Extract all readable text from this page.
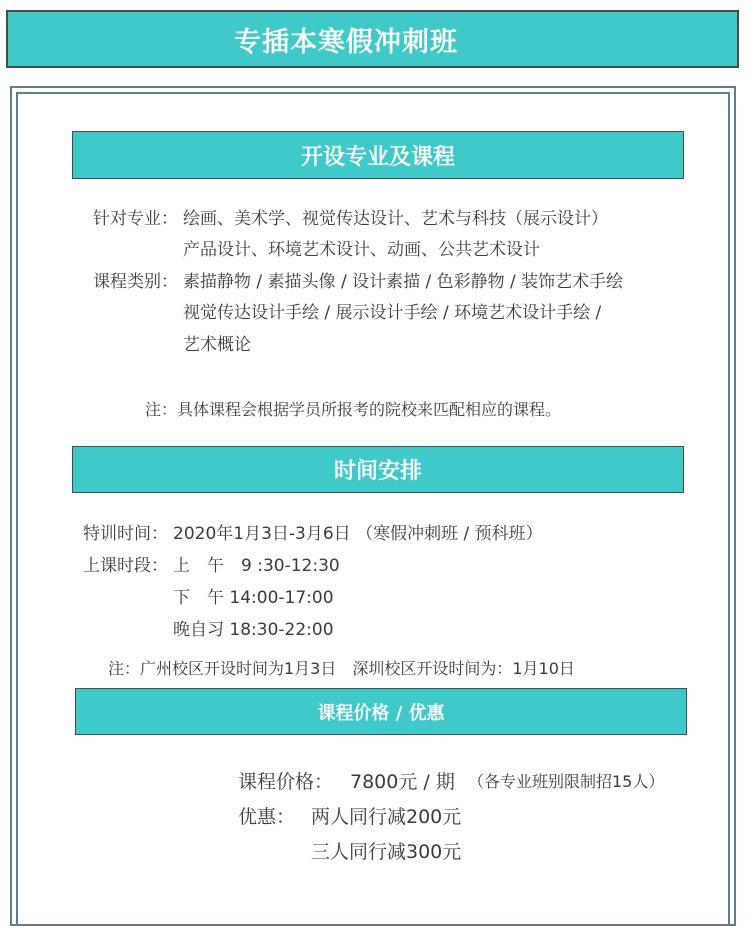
专插本寒假冲刺班
开设专业及课程
针对专业： 绘画、美术学、视觉传达设计、艺术与科技（展示设计）
产品设计、环境艺术设计、动画、公共艺术设计
课程类别： 素描静物 / 素描头像 / 设计素描 / 色彩静物 / 装饰艺术手绘
视觉传达设计手绘 / 展示设计手绘 / 环境艺术设计手绘 /
艺术概论
注：具体课程会根据学员所报考的院校来匹配相应的课程。
时间安排
特训时间： 2020年1月3日-3月6日 （寒假冲刺班 / 预科班）
上课时段： 上　午　9 :30-12:30
下　午 14:00-17:00
晚自习 18:30-22:00
注：广州校区开设时间为1月3日　深圳校区开设时间为：1月10日
课程价格 / 优惠
课程价格： 7800元 / 期 （各专业班别限制招15人）
优惠： 两人同行减200元
三人同行减300元
